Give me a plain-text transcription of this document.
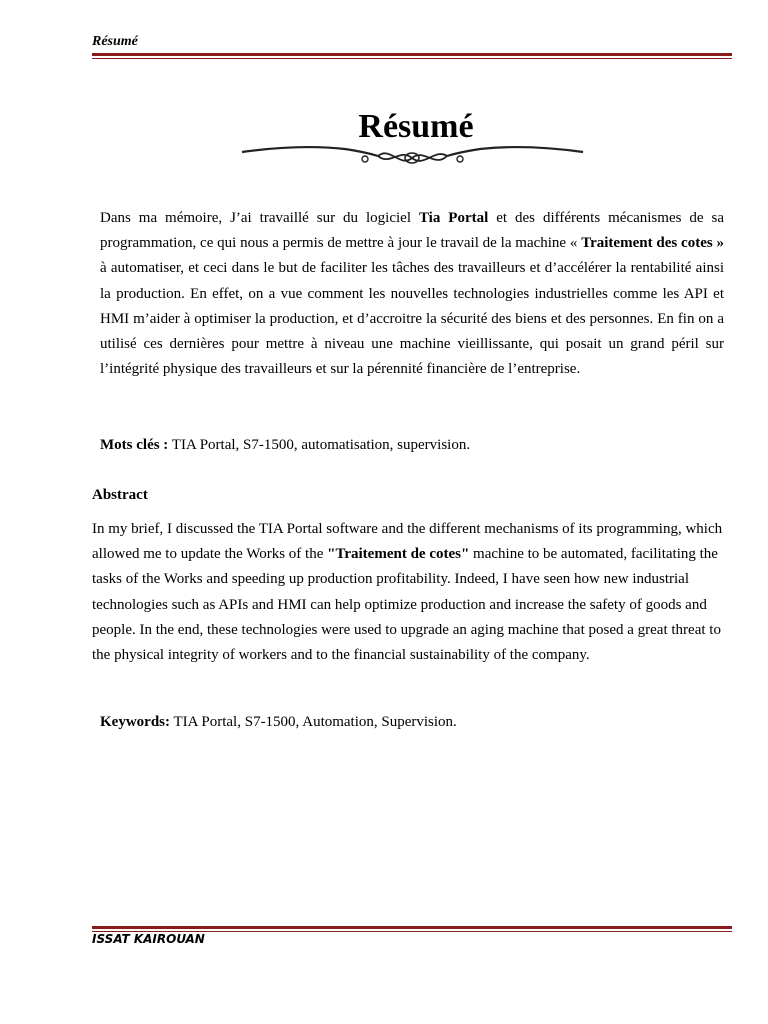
Résumé
Résumé
Dans ma mémoire, J’ai travaillé sur du logiciel Tia Portal et des différents mécanismes de sa programmation, ce qui nous a permis de mettre à jour le travail de la machine « Traitement des cotes » à automatiser, et ceci dans le but de faciliter les tâches des travailleurs et d’accélérer la rentabilité ainsi la production. En effet, on a vue comment les nouvelles technologies industrielles comme les API et HMI m’aider à optimiser la production, et d’accroitre la sécurité des biens et des personnes. En fin on a utilisé ces dernières pour mettre à niveau une machine vieillissante, qui posait un grand péril sur l’intégrité physique des travailleurs et sur la pérennité financière de l’entreprise.
Mots clés : TIA Portal, S7-1500, automatisation, supervision.
Abstract
In my brief, I discussed the TIA Portal software and the different mechanisms of its programming, which allowed me to update the Works of the "Traitement de cotes" machine to be automated, facilitating the tasks of the Works and speeding up production profitability. Indeed, I have seen how new industrial technologies such as APIs and HMI can help optimize production and increase the safety of goods and people. In the end, these technologies were used to upgrade an aging machine that posed a great threat to the physical integrity of workers and to the financial sustainability of the company.
Keywords: TIA Portal, S7-1500, Automation, Supervision.
ISSAT KAIROUAN
